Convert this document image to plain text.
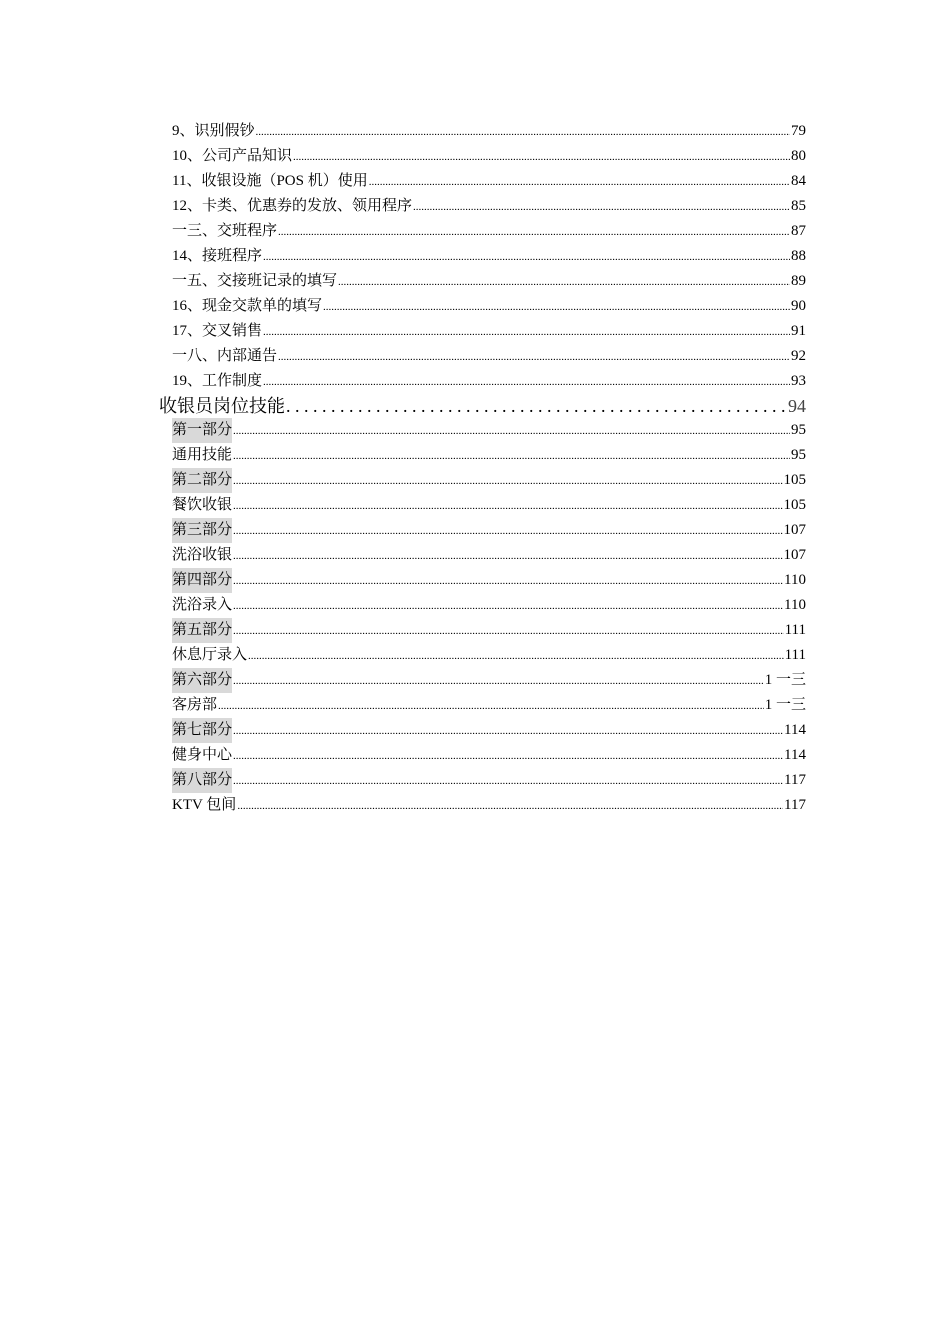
9、识别假钞 .....	79
10、公司产品知识 .....	80
11、收银设施（POS 机）使用 .....	84
12、卡类、优惠券的发放、领用程序 .....	85
一三、交班程序 .....	87
14、接班程序 .....	88
一五、交接班记录的填写 .....	89
16、现金交款单的填写 .....	90
17、交叉销售 .....	91
一八、内部通告 .....	92
19、工作制度 .....	93
收银员岗位技能 . . .	94
第一部分 .....	95
通用技能 .....	95
第二部分 .....	105
餐饮收银 .....	105
第三部分 .....	107
洗浴收银 .....	107
第四部分 .....	110
洗浴录入 .....	110
第五部分 .....	111
休息厅录入 .....	111
第六部分 .....	1 一三
客房部 .....	1 一三
第七部分 .....	114
健身中心 .....	114
第八部分 .....	117
KTV 包间 .....	117
